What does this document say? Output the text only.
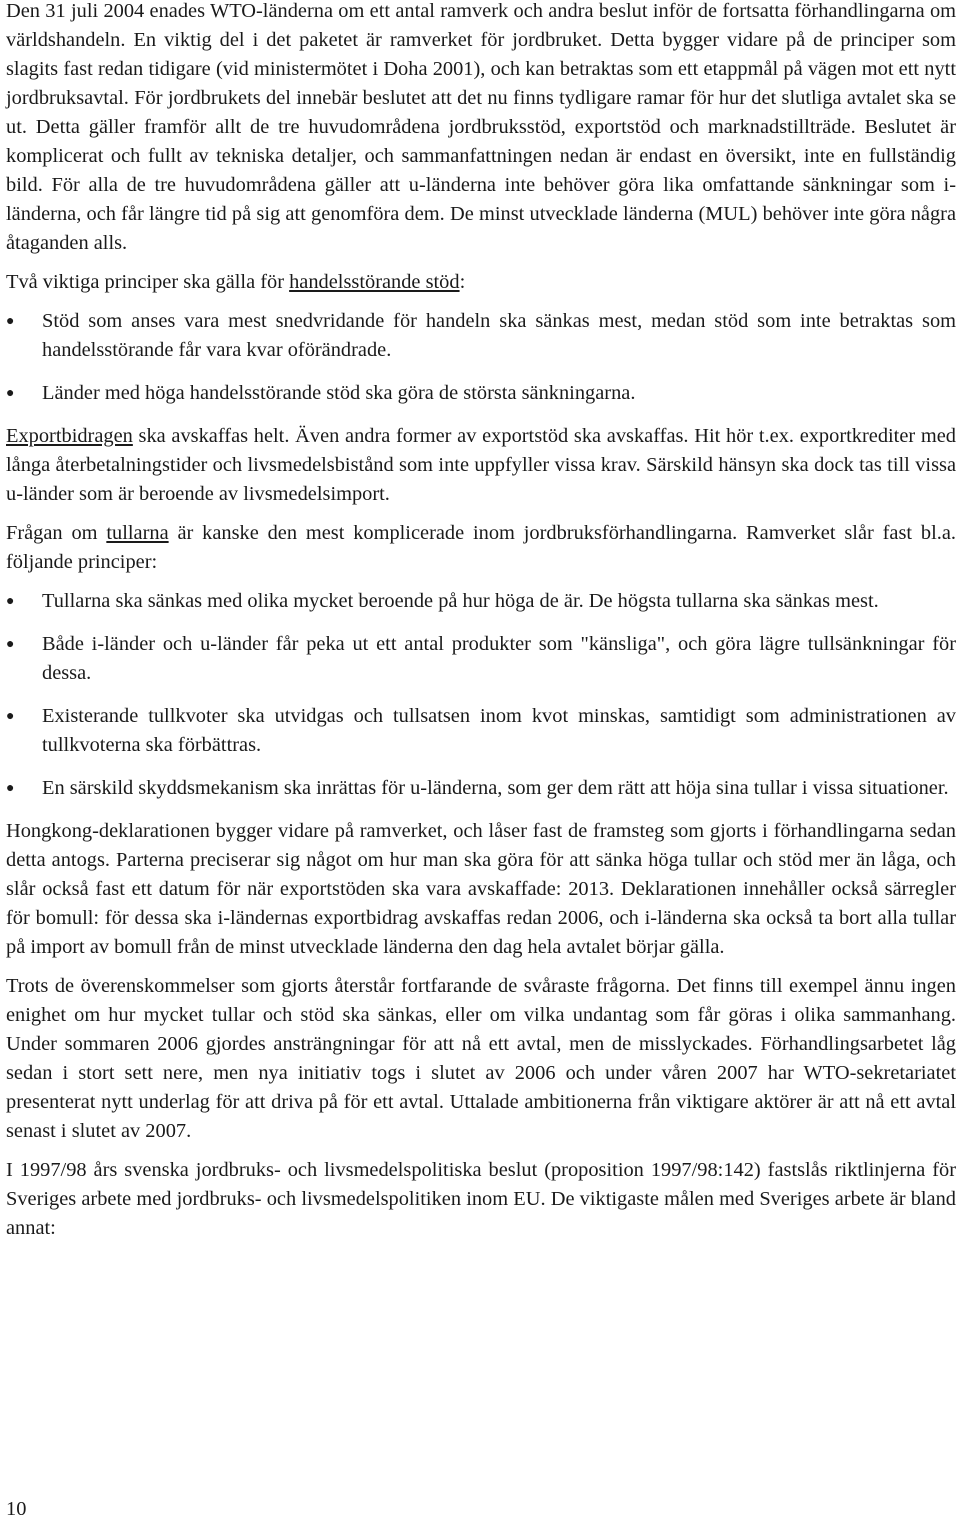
Den 31 juli 2004 enades WTO-länderna om ett antal ramverk och andra beslut inför de fortsatta förhandlingarna om världshandeln. En viktig del i det paketet är ramverket för jordbruket. Detta bygger vidare på de principer som slagits fast redan tidigare (vid ministermötet i Doha 2001), och kan betraktas som ett etappmål på vägen mot ett nytt jordbruksavtal. För jordbrukets del innebär beslutet att det nu finns tydligare ramar för hur det slutliga avtalet ska se ut. Detta gäller framför allt de tre huvudområdena jordbruksstöd, exportstöd och marknadstillträde. Beslutet är komplicerat och fullt av tekniska detaljer, och sammanfattningen nedan är endast en översikt, inte en fullständig bild. För alla de tre huvudområdena gäller att u-länderna inte behöver göra lika omfattande sänkningar som i-länderna, och får längre tid på sig att genomföra dem. De minst utvecklade länderna (MUL) behöver inte göra några åtaganden alls.

Två viktiga principer ska gälla för handelsstörande stöd:

●	Stöd som anses vara mest snedvridande för handeln ska sänkas mest, medan stöd som inte betraktas som handelsstörande får vara kvar oförändrade.
●	Länder med höga handelsstörande stöd ska göra de största sänkningarna.

Exportbidragen ska avskaffas helt. Även andra former av exportstöd ska avskaffas. Hit hör t.ex. exportkrediter med långa återbetalningstider och livsmedelsbistånd som inte uppfyller vissa krav. Särskild hänsyn ska dock tas till vissa u-länder som är beroende av livsmedelsimport.

Frågan om tullarna är kanske den mest komplicerade inom jordbruksförhandlingarna. Ramverket slår fast bl.a. följande principer:

●	Tullarna ska sänkas med olika mycket beroende på hur höga de är. De högsta tullarna ska sänkas mest.
●	Både i-länder och u-länder får peka ut ett antal produkter som "känsliga", och göra lägre tullsänkningar för dessa.
●	Existerande tullkvoter ska utvidgas och tullsatsen inom kvot minskas, samtidigt som administrationen av tullkvoterna ska förbättras.
●	En särskild skyddsmekanism ska inrättas för u-länderna, som ger dem rätt att höja sina tullar i vissa situationer.

Hongkong-deklarationen bygger vidare på ramverket, och låser fast de framsteg som gjorts i förhandlingarna sedan detta antogs. Parterna preciserar sig något om hur man ska göra för att sänka höga tullar och stöd mer än låga, och slår också fast ett datum för när exportstöden ska vara avskaffade: 2013. Deklarationen innehåller också särregler för bomull: för dessa ska i-ländernas exportbidrag avskaffas redan 2006, och i-länderna ska också ta bort alla tullar på import av bomull från de minst utvecklade länderna den dag hela avtalet börjar gälla.

Trots de överenskommelser som gjorts återstår fortfarande de svåraste frågorna. Det finns till exempel ännu ingen enighet om hur mycket tullar och stöd ska sänkas, eller om vilka undantag som får göras i olika sammanhang. Under sommaren 2006 gjordes ansträngningar för att nå ett avtal, men de misslyckades. Förhandlingsarbetet låg sedan i stort sett nere, men nya initiativ togs i slutet av 2006 och under våren 2007 har WTO-sekretariatet presenterat nytt underlag för att driva på för ett avtal. Uttalade ambitionerna från viktigare aktörer är att nå ett avtal senast i slutet av 2007.

I 1997/98 års svenska jordbruks- och livsmedelspolitiska beslut (proposition 1997/98:142) fastslås riktlinjerna för Sveriges arbete med jordbruks- och livsmedelspolitiken inom EU. De viktigaste målen med Sveriges arbete är bland annat:

10
